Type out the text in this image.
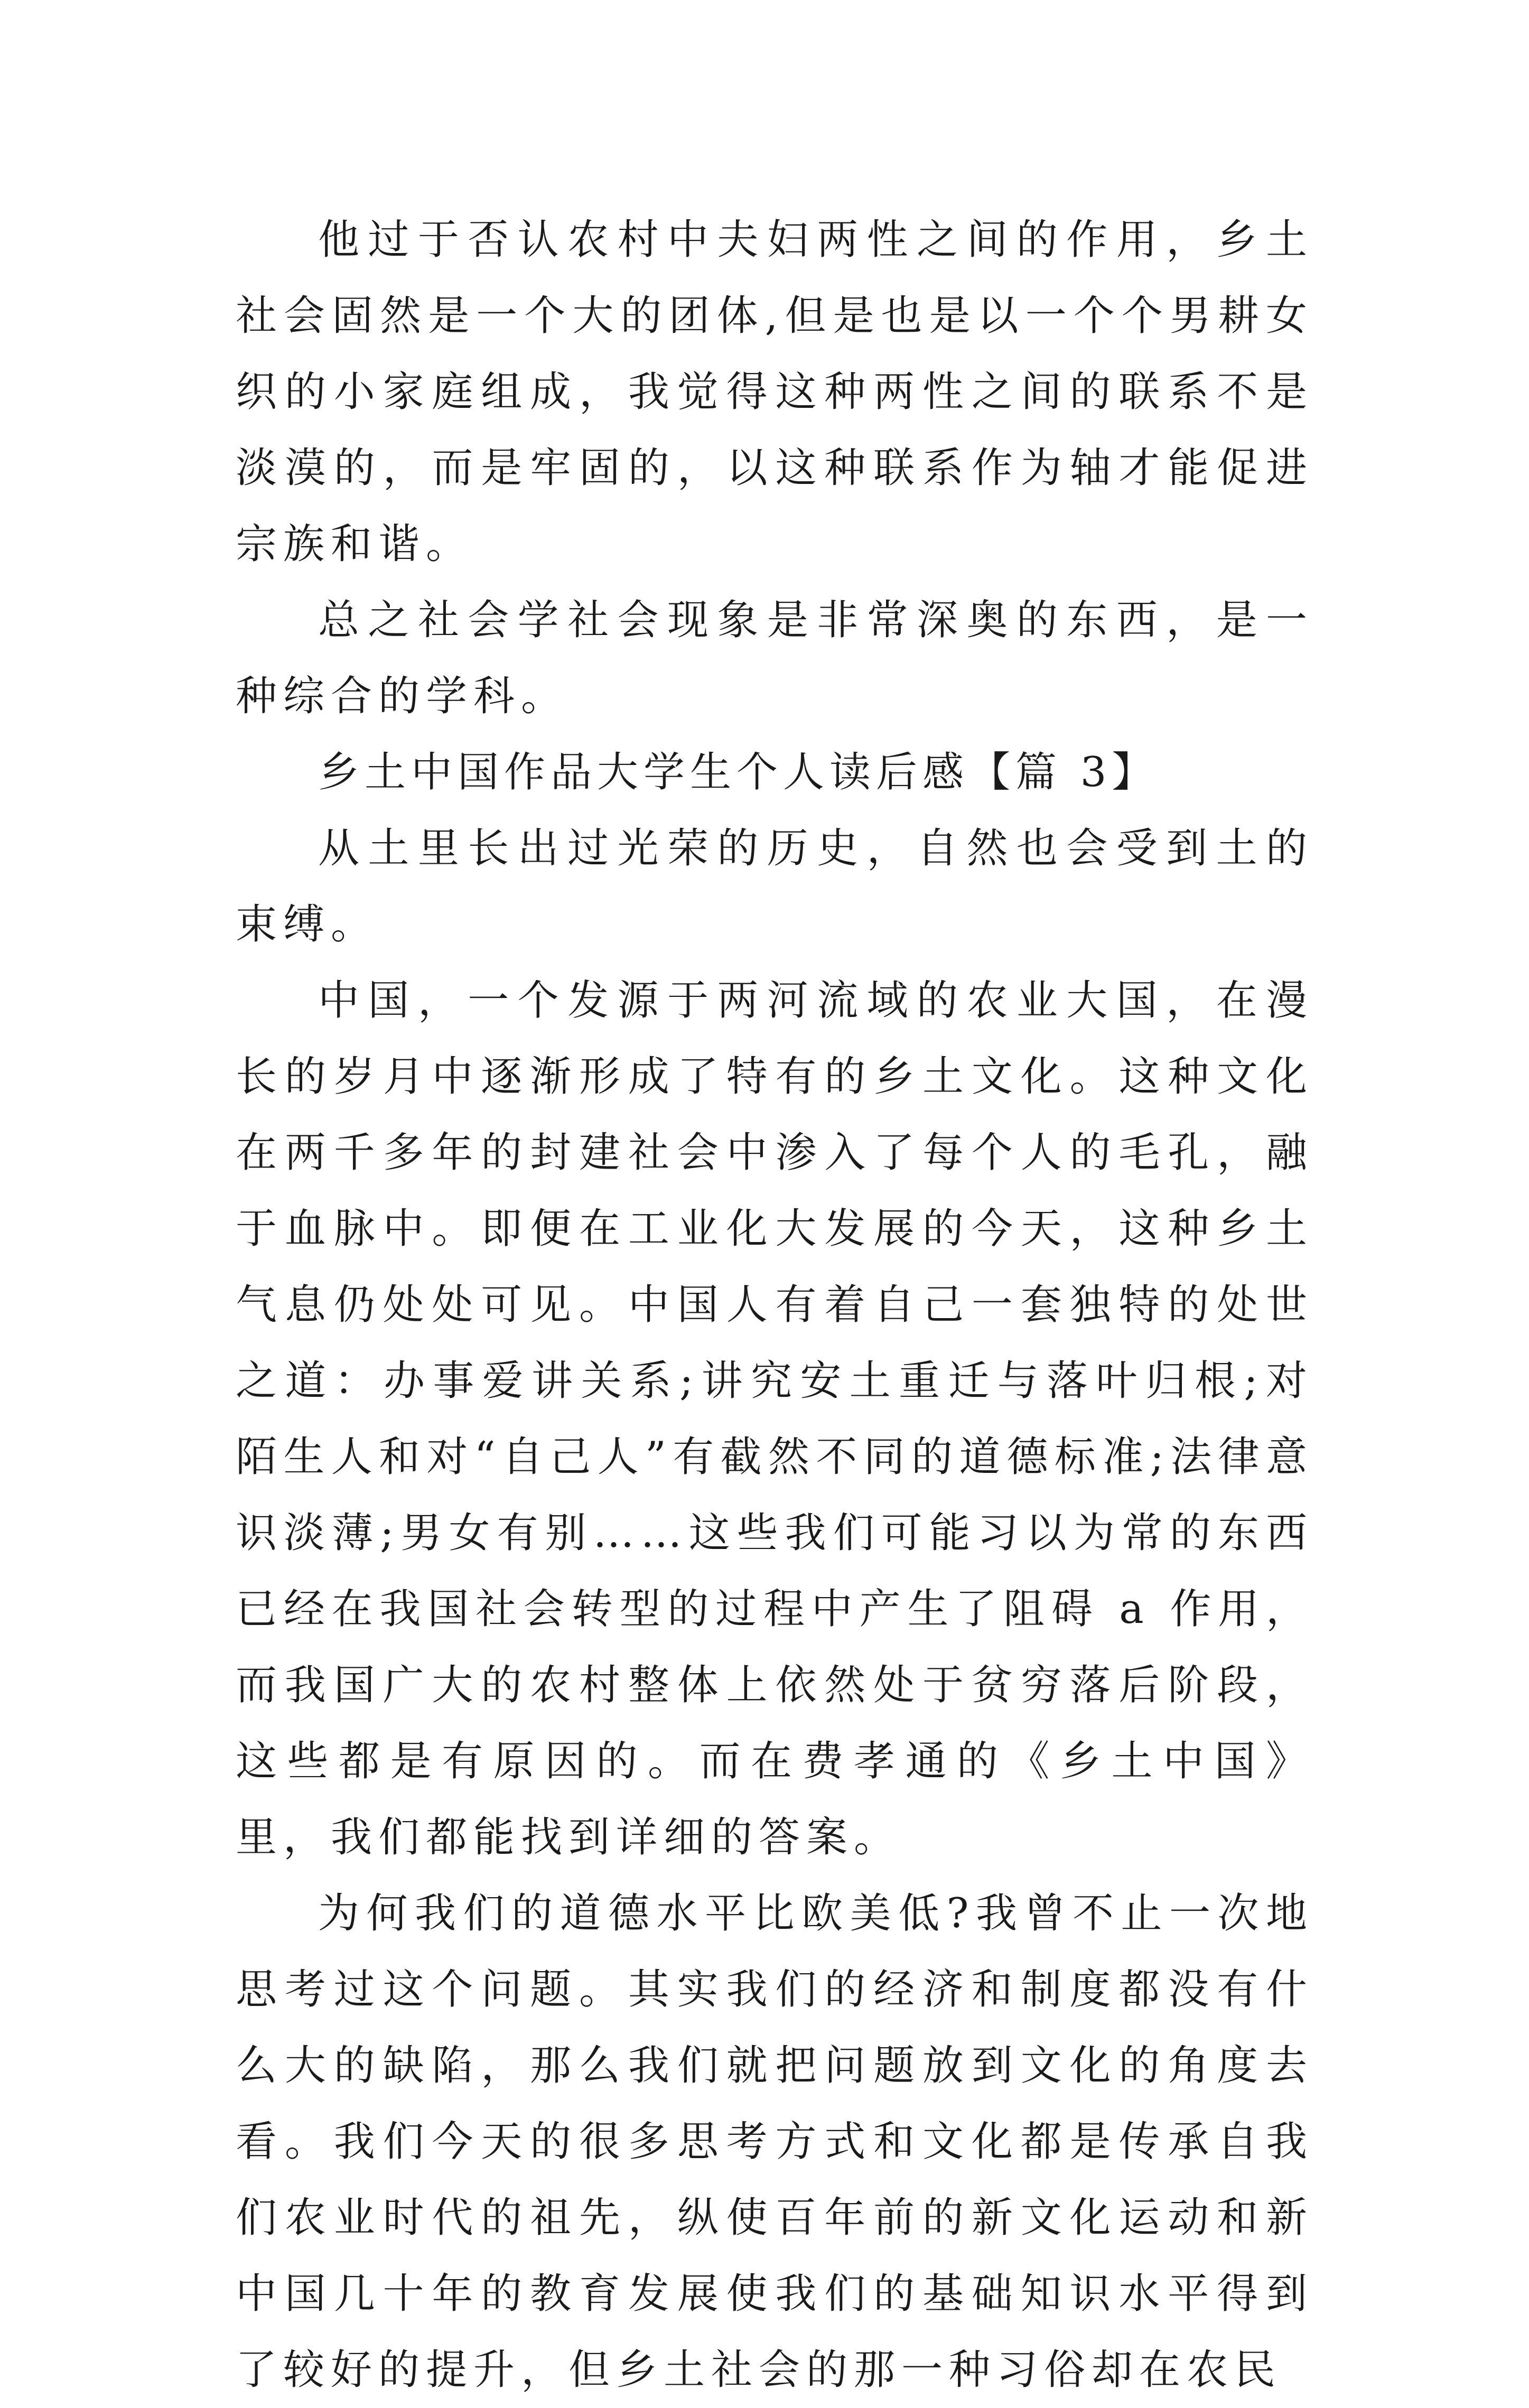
他过于否认农村中夫妇两性之间的作用，乡土社会固然是一个大的团体,但是也是以一个个男耕女织的小家庭组成，我觉得这种两性之间的联系不是淡漠的，而是牢固的，以这种联系作为轴才能促进宗族和谐。

总之社会学社会现象是非常深奥的东西，是一种综合的学科。

乡土中国作品大学生个人读后感【篇 3】

从土里长出过光荣的历史，自然也会受到土的束缚。

中国，一个发源于两河流域的农业大国，在漫长的岁月中逐渐形成了特有的乡土文化。这种文化在两千多年的封建社会中渗入了每个人的毛孔，融于血脉中。即便在工业化大发展的今天，这种乡土气息仍处处可见。中国人有着自己一套独特的处世之道：办事爱讲关系;讲究安土重迁与落叶归根;对陌生人和对“自己人”有截然不同的道德标准;法律意识淡薄;男女有别……这些我们可能习以为常的东西已经在我国社会转型的过程中产生了阻碍 a 作用，而我国广大的农村整体上依然处于贫穷落后阶段，这些都是有原因的。而在费孝通的《乡土中国》里，我们都能找到详细的答案。

为何我们的道德水平比欧美低?我曾不止一次地思考过这个问题。其实我们的经济和制度都没有什么大的缺陷，那么我们就把问题放到文化的角度去看。我们今天的很多思考方式和文化都是传承自我们农业时代的祖先，纵使百年前的新文化运动和新中国几十年的教育发展使我们的基础知识水平得到了较好的提升，但乡土社会的那一种习俗却在农民
